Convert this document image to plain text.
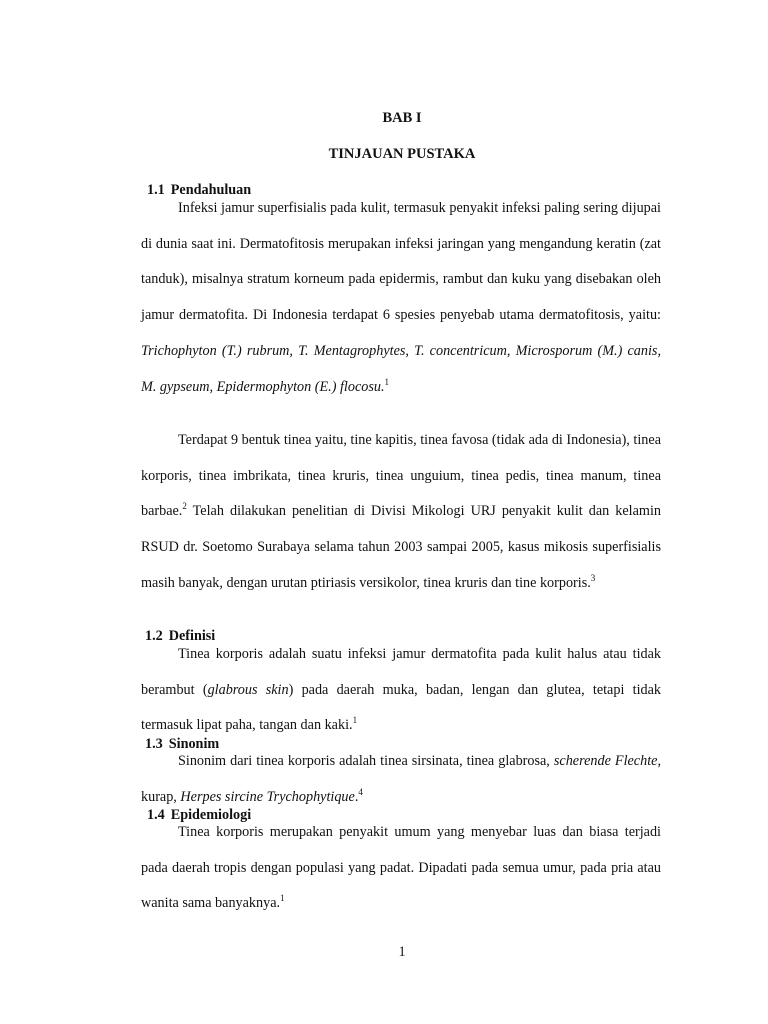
BAB I
TINJAUAN PUSTAKA
1.1 Pendahuluan

Infeksi jamur superfisialis pada kulit, termasuk penyakit infeksi paling sering dijupai di dunia saat ini. Dermatofitosis merupakan infeksi jaringan yang mengandung keratin (zat tanduk), misalnya stratum korneum pada epidermis, rambut dan kuku yang disebakan oleh jamur dermatofita. Di Indonesia terdapat 6 spesies penyebab utama dermatofitosis, yaitu: Trichophyton (T.) rubrum, T. Mentagrophytes, T. concentricum, Microsporum (M.) canis, M. gypseum, Epidermophyton (E.) flocosu.$^1$

Terdapat 9 bentuk tinea yaitu, tine kapitis, tinea favosa (tidak ada di Indonesia), tinea korporis, tinea imbrikata, tinea kruris, tinea unguium, tinea pedis, tinea manum, tinea barbae.$^2$ Telah dilakukan penelitian di Divisi Mikologi URJ penyakit kulit dan kelamin RSUD dr. Soetomo Surabaya selama tahun 2003 sampai 2005, kasus mikosis superfisialis masih banyak, dengan urutan ptiriasis versikolor, tinea kruris dan tine korporis.$^3$

1.2 Definisi

Tinea korporis adalah suatu infeksi jamur dermatofita pada kulit halus atau tidak berambut (glabrous skin) pada daerah muka, badan, lengan dan glutea, tetapi tidak termasuk lipat paha, tangan dan kaki.$^1$

1.3 Sinonim

Sinonim dari tinea korporis adalah tinea sirsinata, tinea glabrosa, scherende Flechte, kurap, Herpes sircine Trychophytique.$^4$

1.4 Epidemiologi

Tinea korporis merupakan penyakit umum yang menyebar luas dan biasa terjadi pada daerah tropis dengan populasi yang padat. Dipadati pada semua umur, pada pria atau wanita sama banyaknya.$^1$

1
